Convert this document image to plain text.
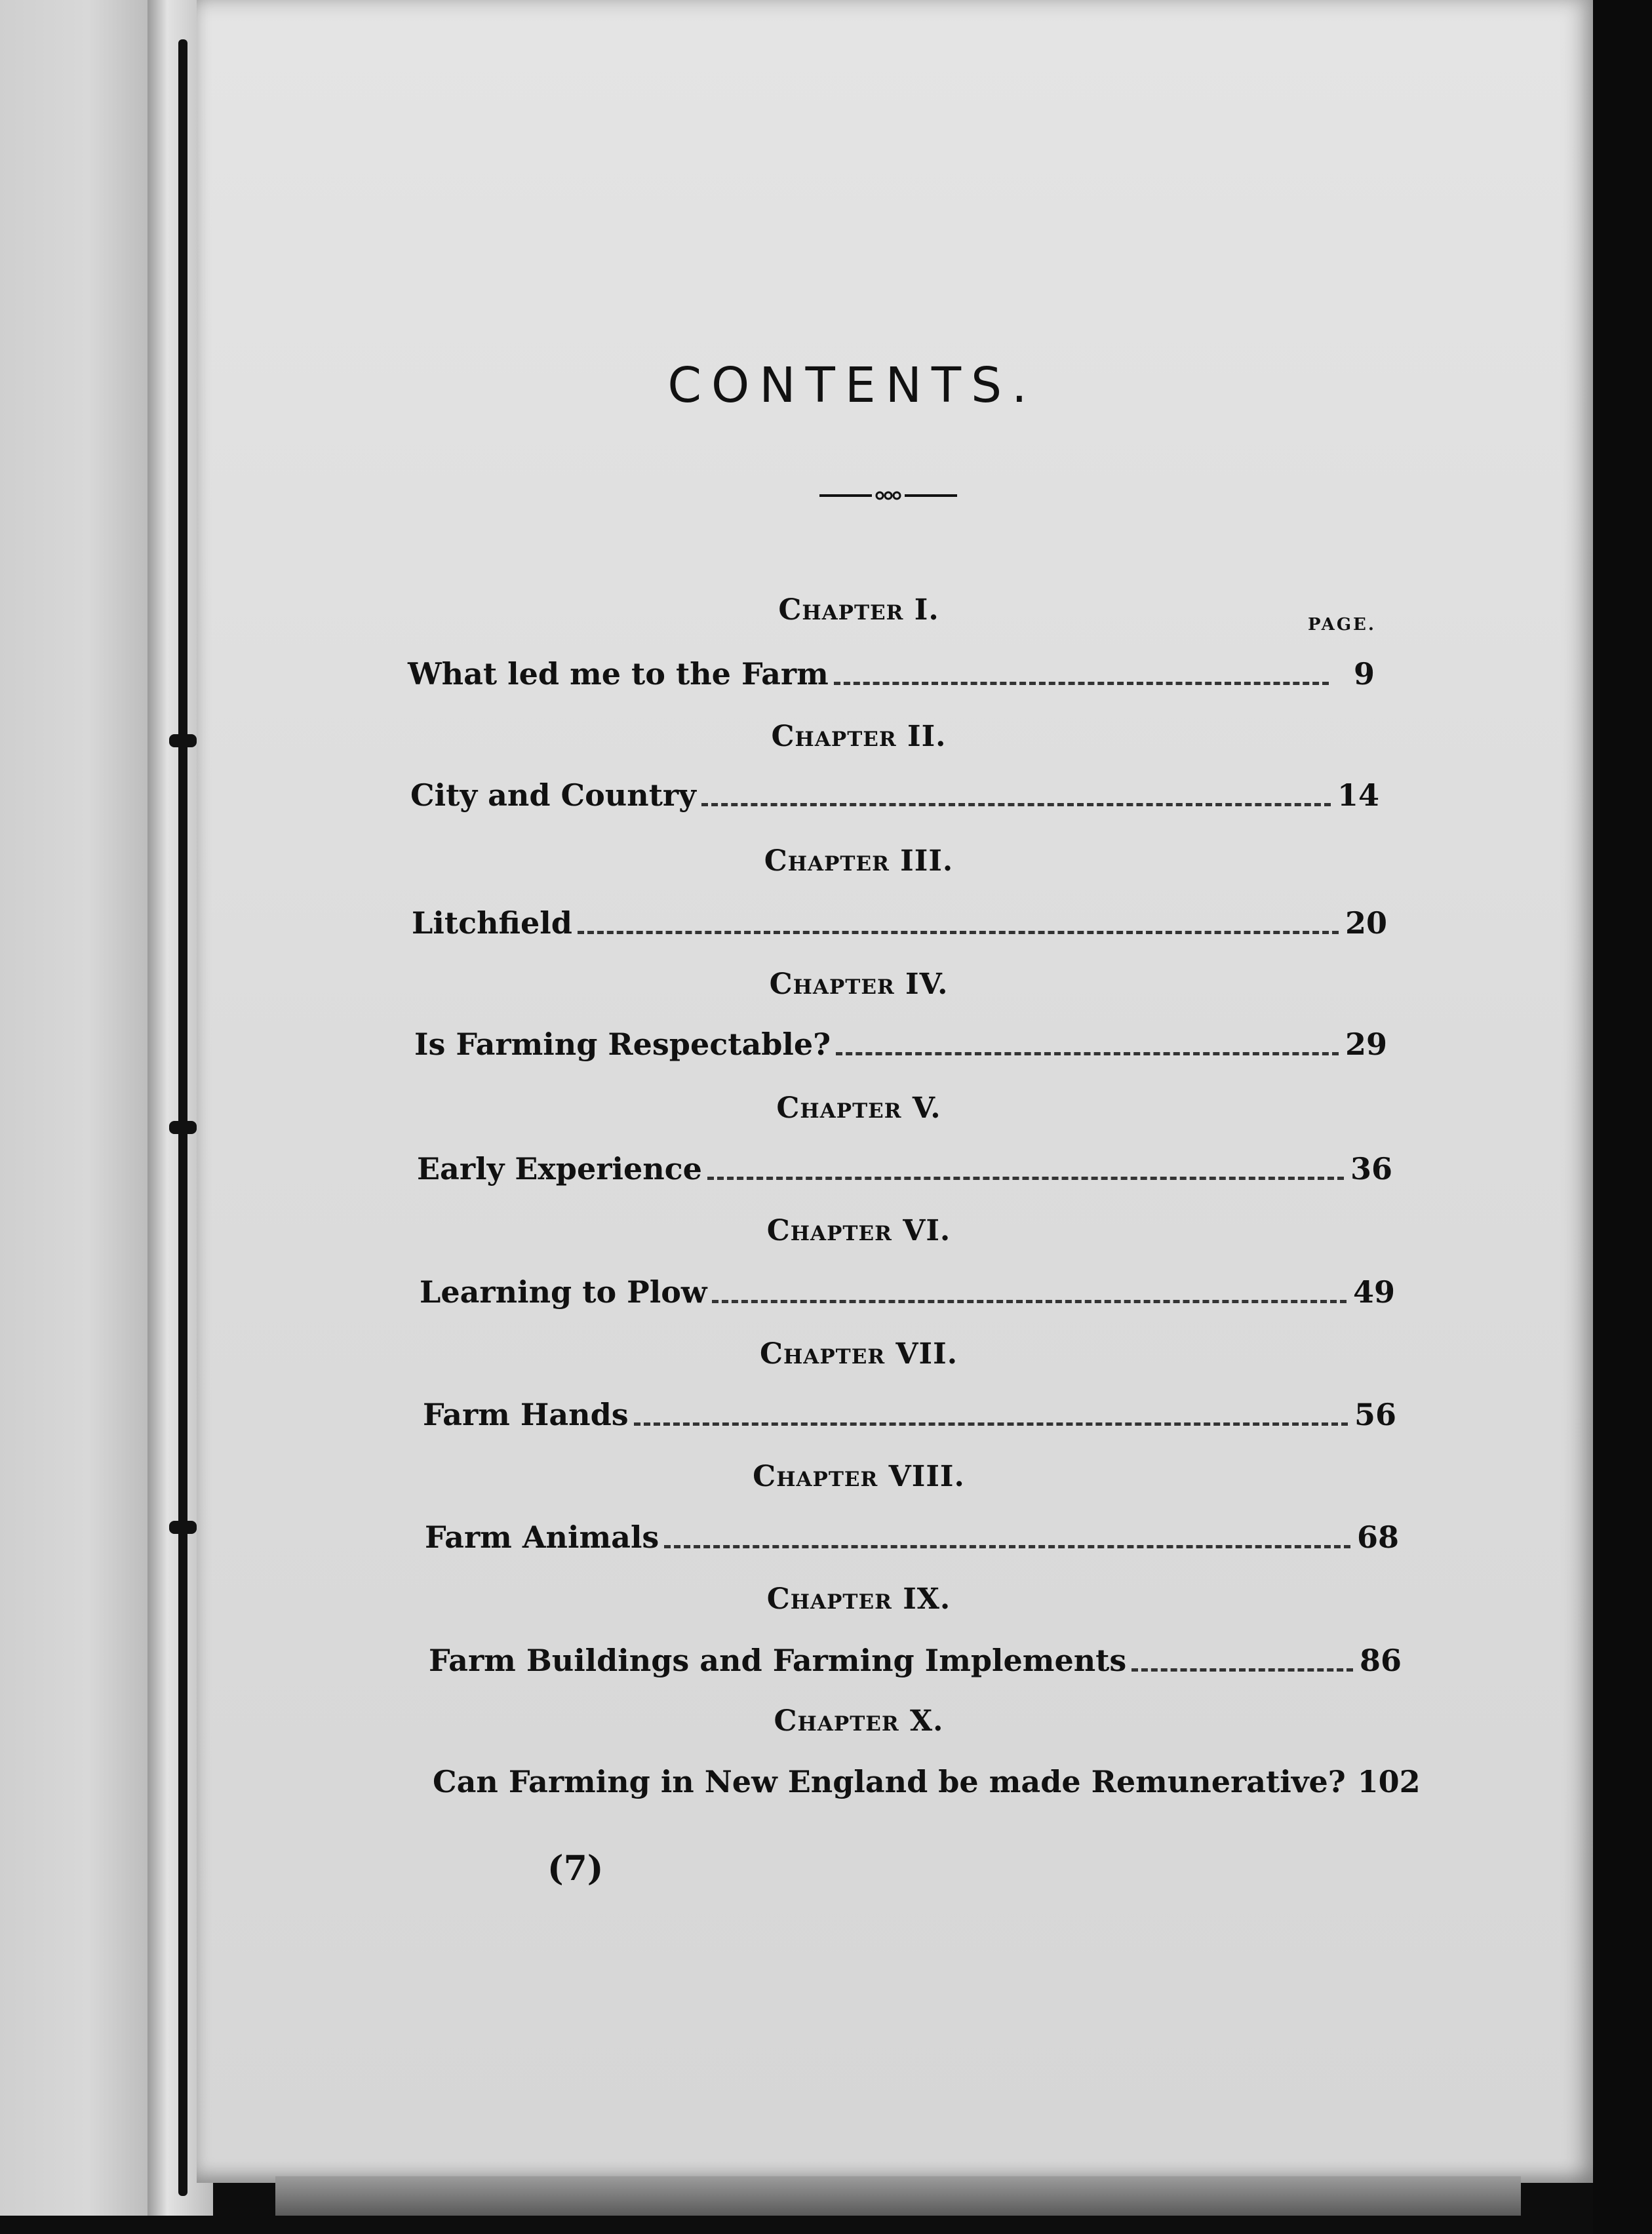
CONTENTS.
PAGE.
Chapter I.
What led me to the Farm	9
Chapter II.
City and Country	14
Chapter III.
Litchfield	20
Chapter IV.
Is Farming Respectable?	29
Chapter V.
Early Experience	36
Chapter VI.
Learning to Plow	49
Chapter VII.
Farm Hands	56
Chapter VIII.
Farm Animals	68
Chapter IX.
Farm Buildings and Farming Implements	86
Chapter X.
Can Farming in New England be made Remunerative? 102
(7)
